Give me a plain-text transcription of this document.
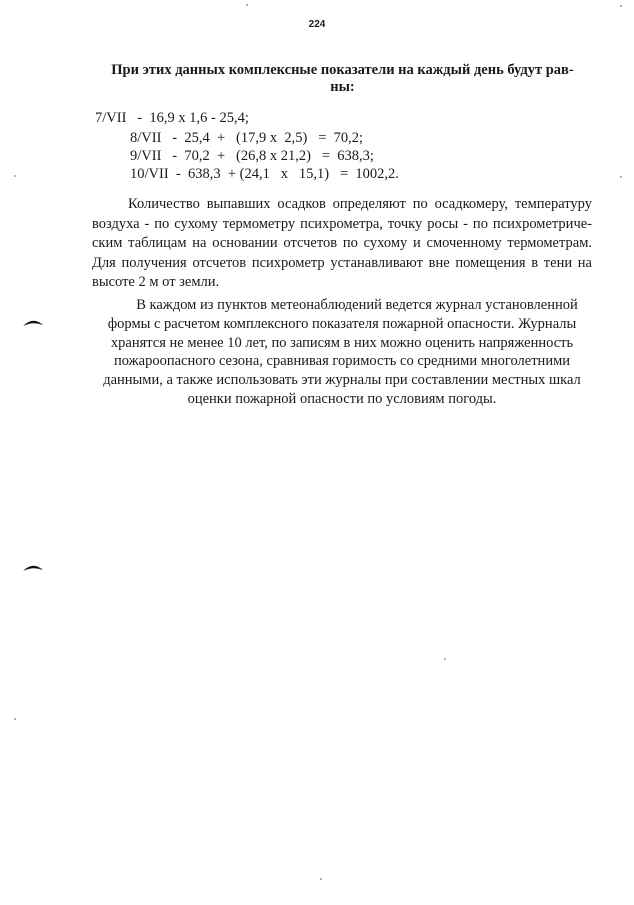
224
При этих данных комплексные показатели на каждый день будут рав-
ны:
7/VII   -  16,9 х 1,6 - 25,4;
8/VII   -  25,4  +   (17,9 х  2,5)   =  70,2;
9/VII   -  70,2  +   (26,8 х 21,2)   =  638,3;
10/VII  -  638,3  + (24,1   х   15,1)   =  1002,2.
Количество выпавших осадков определяют по осадкомеру, температуру
воздуха - по сухому термометру психрометра, точку росы - по психрометриче-
ским таблицам на основании отсчетов по сухому и смоченному термометрам.
Для получения отсчетов психрометр устанавливают вне помещения в тени на
высоте 2 м от земли.
В каждом из пунктов метеонаблюдений ведется журнал установленной
формы с расчетом комплексного показателя пожарной опасности. Журналы
хранятся не менее 10 лет, по записям в них можно оценить напряженность
пожароопасного сезона, сравнивая горимость со средними многолетними
данными, а также использовать эти журналы при составлении местных шкал
оценки пожарной опасности по условиям погоды.
